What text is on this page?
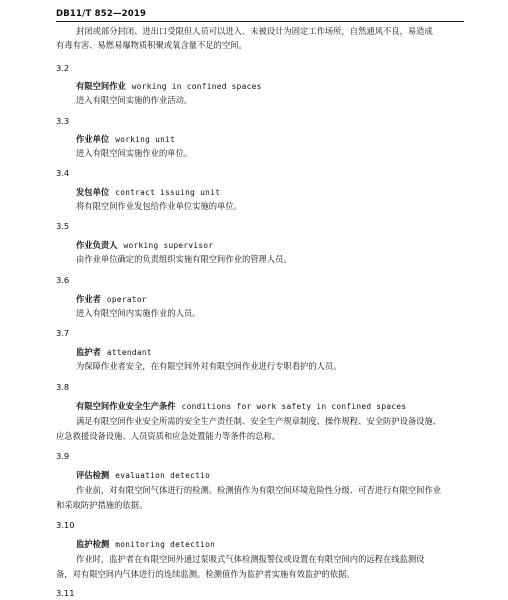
DB11/T 852—2019
封闭或部分封闭、进出口受限但人员可以进入、未被设计为固定工作场所，自然通风不良，易造成
有毒有害、易燃易爆物质积聚或氧含量不足的空间。
3.2
有限空间作业 working in confined spaces
进入有限空间实施的作业活动。
3.3
作业单位 working unit
进入有限空间实施作业的单位。
3.4
发包单位 contract issuing unit
将有限空间作业发包给作业单位实施的单位。
3.5
作业负责人 working supervisor
由作业单位确定的负责组织实施有限空间作业的管理人员。
3.6
作业者 operator
进入有限空间内实施作业的人员。
3.7
监护者 attendant
为保障作业者安全，在有限空间外对有限空间作业进行专职看护的人员。
3.8
有限空间作业安全生产条件 conditions for work safety in confined spaces
满足有限空间作业安全所需的安全生产责任制、安全生产规章制度、操作规程、安全防护设备设施、
应急救援设备设施、人员资质和应急处置能力等条件的总称。
3.9
评估检测 evaluation detectio
作业前，对有限空间气体进行的检测。检测值作为有限空间环境危险性分级、可否进行有限空间作业
和采取防护措施的依据。
3.10
监护检测 monitoring detection
作业时，监护者在有限空间外通过泵吸式气体检测报警仪或设置在有限空间内的远程在线监测设
备，对有限空间内气体进行的连续监测。检测值作为监护者实施有效监护的依据。
3.11
